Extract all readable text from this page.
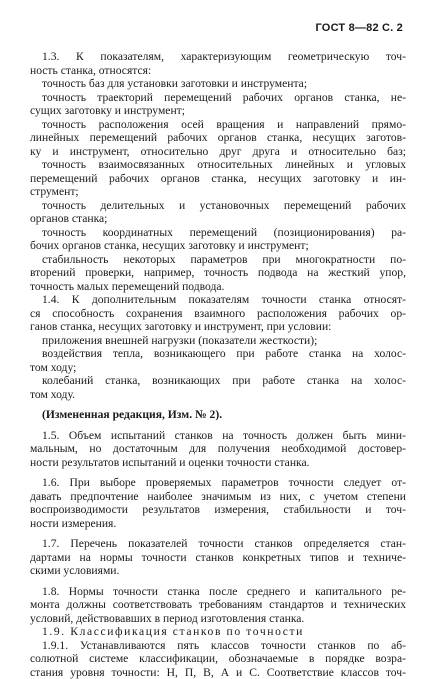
ГОСТ 8—82 С. 2
1.3. К показателям, характеризующим геометрическую точ-
ность станка, относятся:
точность баз для установки заготовки и инструмента;
точность траекторий перемещений рабочих органов станка, не-
сущих заготовку и инструмент;
точность расположения осей вращения и направлений прямо-
линейных перемещений рабочих органов станка, несущих заготов-
ку и инструмент, относительно друг друга и относительно баз;
точность взаимосвязанных относительных линейных и угловых
перемещений рабочих органов станка, несущих заготовку и ин-
струмент;
точность делительных и установочных перемещений рабочих
органов станка;
точность координатных перемещений (позиционирования) ра-
бочих органов станка, несущих заготовку и инструмент;
стабильность некоторых параметров при многократности по-
вторений проверки, например, точность подвода на жесткий упор,
точность малых перемещений подвода.
1.4. К дополнительным показателям точности станка относят-
ся способность сохранения взаимного расположения рабочих ор-
ганов станка, несущих заготовку и инструмент, при условии:
приложения внешней нагрузки (показатели жесткости);
воздействия тепла, возникающего при работе станка на холос-
том ходу;
колебаний станка, возникающих при работе станка на холос-
том ходу.
(Измененная редакция, Изм. № 2).
1.5. Объем испытаний станков на точность должен быть мини-
мальным, но достаточным для получения необходимой достовер-
ности результатов испытаний и оценки точности станка.
1.6. При выборе проверяемых параметров точности следует от-
давать предпочтение наиболее значимым из них, с учетом степени
воспроизводимости результатов измерения, стабильности и точ-
ности измерения.
1.7. Перечень показателей точности станков определяется стан-
дартами на нормы точности станков конкретных типов и техниче-
скими условиями.
1.8. Нормы точности станка после среднего и капитального ре-
монта должны соответствовать требованиям стандартов и технических
условий, действовавших в период изготовления станка.
1.9. Классификация станков по точности
1.9.1. Устанавливаются пять классов точности станков по аб-
солютной системе классификации, обозначаемые в порядке возра-
стания уровня точности: Н, П, В, А и С. Соответствие классов точ-
